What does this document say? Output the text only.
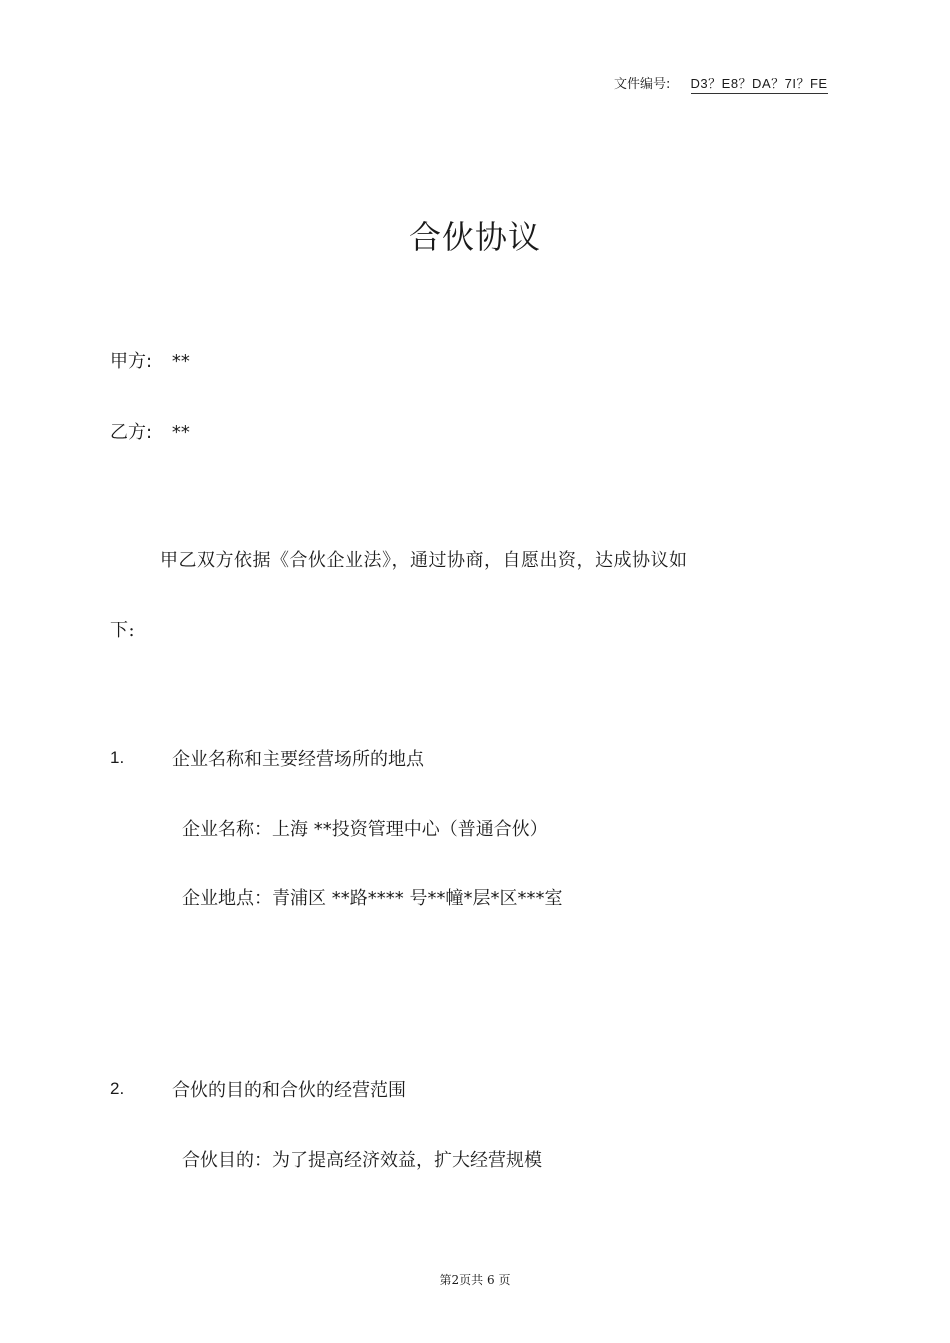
文件编号: D3？E8？DA？7I？FE
合伙协议
甲方: **
乙方: **
甲乙双方依据《合伙企业法》，通过协商，自愿出资，达成协议如
下:
1.	企业名称和主要经营场所的地点
企业名称：上海 **投资管理中心（普通合伙）
企业地点：青浦区 **路**** 号**幢*层*区***室
2.	合伙的目的和合伙的经营范围
合伙目的：为了提高经济效益，扩大经营规模
第2页共 6 页
